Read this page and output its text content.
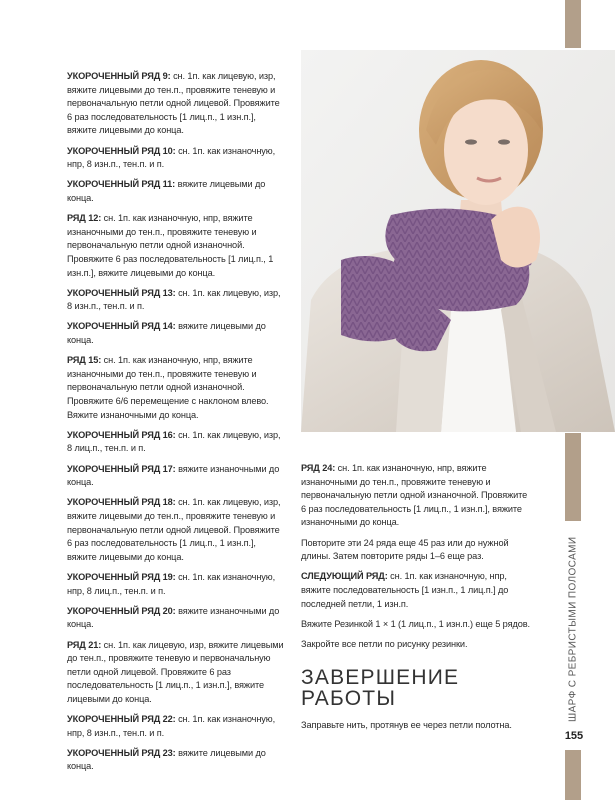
УКОРОЧЕННЫЙ РЯД 9: сн. 1п. как лицевую, изр, вяжите лицевыми до тен.п., провяжите теневую и первоначальную петли одной лицевой. Провяжите 6 раз последовательность [1 лиц.п., 1 изн.п.], вяжите лицевыми до конца.

УКОРОЧЕННЫЙ РЯД 10: сн. 1п. как изнаночную, нпр, 8 изн.п., тен.п. и п.

УКОРОЧЕННЫЙ РЯД 11: вяжите лицевыми до конца.

РЯД 12: сн. 1п. как изнаночную, нпр, вяжите изнаночными до тен.п., провяжите теневую и первоначальную петли одной изнаночной. Провяжите 6 раз последовательность [1 лиц.п., 1 изн.п.], вяжите лицевыми до конца.

УКОРОЧЕННЫЙ РЯД 13: сн. 1п. как лицевую, изр, 8 изн.п., тен.п. и п.

УКОРОЧЕННЫЙ РЯД 14: вяжите лицевыми до конца.

РЯД 15: сн. 1п. как изнаночную, нпр, вяжите изнаночными до тен.п., провяжите теневую и первоначальную петли одной изнаночной. Провяжите 6/6 перемещение с наклоном влево. Вяжите изнаночными до конца.

УКОРОЧЕННЫЙ РЯД 16: сн. 1п. как лицевую, изр, 8 лиц.п., тен.п. и п.

УКОРОЧЕННЫЙ РЯД 17: вяжите изнаночными до конца.

УКОРОЧЕННЫЙ РЯД 18: сн. 1п. как лицевую, изр, вяжите лицевыми до тен.п., провяжите теневую и первоначальную петли одной лицевой. Провяжите 6 раз последовательность [1 лиц.п., 1 изн.п.], вяжите лицевыми до конца.

УКОРОЧЕННЫЙ РЯД 19: сн. 1п. как изнаночную, нпр, 8 лиц.п., тен.п. и п.

УКОРОЧЕННЫЙ РЯД 20: вяжите изнаночными до конца.

РЯД 21: сн. 1п. как лицевую, изр, вяжите лицевыми до тен.п., провяжите теневую и первоначальную петли одной лицевой. Провяжите 6 раз последовательность [1 лиц.п., 1 изн.п.], вяжите лицевыми до конца.

УКОРОЧЕННЫЙ РЯД 22: сн. 1п. как изнаночную, нпр, 8 изн.п., тен.п. и п.

УКОРОЧЕННЫЙ РЯД 23: вяжите лицевыми до конца.

РЯД 24: сн. 1п. как изнаночную, нпр, вяжите изнаночными до тен.п., провяжите теневую и первоначальную петли одной изнаночной. Провяжите 6 раз последовательность [1 лиц.п., 1 изн.п.], вяжите изнаночными до конца.

Повторите эти 24 ряда еще 45 раз или до нужной длины. Затем повторите ряды 1–6 еще раз.

СЛЕДУЮЩИЙ РЯД: сн. 1п. как изнаночную, нпр, вяжите последовательность [1 изн.п., 1 лиц.п.] до последней петли, 1 изн.п.

Вяжите Резинкой 1 × 1 (1 лиц.п., 1 изн.п.) еще 5 рядов.

Закройте все петли по рисунку резинки.

ЗАВЕРШЕНИЕ
РАБОТЫ

Заправьте нить, протянув ее через петли полотна.

ШАРФ С РЕБРИСТЫМИ ПОЛОСАМИ
155
